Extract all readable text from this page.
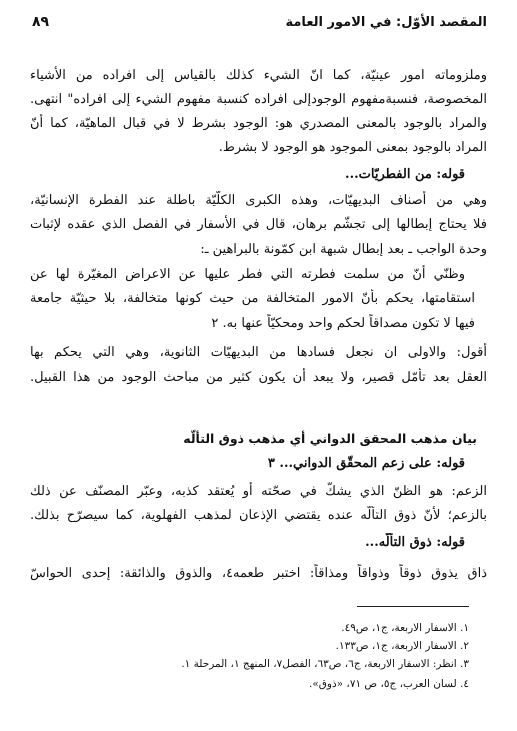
المقصد الأوّل: في الامور العامة
٨٩
وملزوماته امور عينيّة، كما انّ الشيء كذلك بالقياس إلى افراده من الأشياء
المخصوصة، فنسبةمفهوم الوجودإلى افراده كنسبة مفهوم الشيء إلى افراده" انتهى.
والمراد بالوجود بالمعنى المصدري هو: الوجود بشرط لا في قبال الماهيّة، كما أنّ
المراد بالوجود بمعنى الموجود هو الوجود لا بشرط.
قوله: من الفطريّات...
وهي من أصناف البديهيّات، وهذه الكبرى الكلّيّة باطلة عند الفطرة الإنسانيّة،
فلا يحتاج إبطالها إلى تجشّم برهان، قال في الأسفار في الفصل الذي عقده لإثبات
وحدة الواجب ـ بعد إبطال شبهة ابن كمّونة بالبراهين ـ:
وظنّي أنّ من سلمت فطرته التي فطر عليها عن الاعراض المغيّرة لها عن
استقامتها، يحكم بأنّ الامور المتخالفة من حيث كونها متخالفة، بلا حيثيّة جامعة
فيها لا تكون مصداقاً لحكم واحد ومحكيّاً عنها به. ٢
أقول: والاولى ان نجعل فسادها من البديهيّات الثانوية، وهي التي يحكم بها
العقل بعد تأمّل قصير، ولا يبعد أن يكون كثير من مباحث الوجود من هذا القبيل.
بيان مذهب المحقق الدواني أي مذهب ذوق التألّه
قوله: على زعم المحقّق الدواني... ٣
الزعم: هو الظنّ الذي يشكّ في صحّته أو يُعتقد كذبه، وعبّر المصنّف عن ذلك
بالزعم؛ لأنّ ذوق التألّه عنده يقتضي الإذعان لمذهب الفهلوية، كما سيصرّح بذلك.
قوله: ذوق التألّه...
ذاق يذوق ذوقاً وذواقاً ومذاقاً: اختبر طعمه٤، والذوق والذائقة: إحدى الحواسّ
١. الاسفار الاربعة، ج١، ص٤٩.
٢. الاسفار الاربعة، ج١، ص١٣٣.
٣. انظر: الاسفار الاربعة، ج٦، ص٦٣، الفصل٧، المنهج ١، المرحلة ١.
٤. لسان العرب، ج٥، ص ٧١، «ذوق».
